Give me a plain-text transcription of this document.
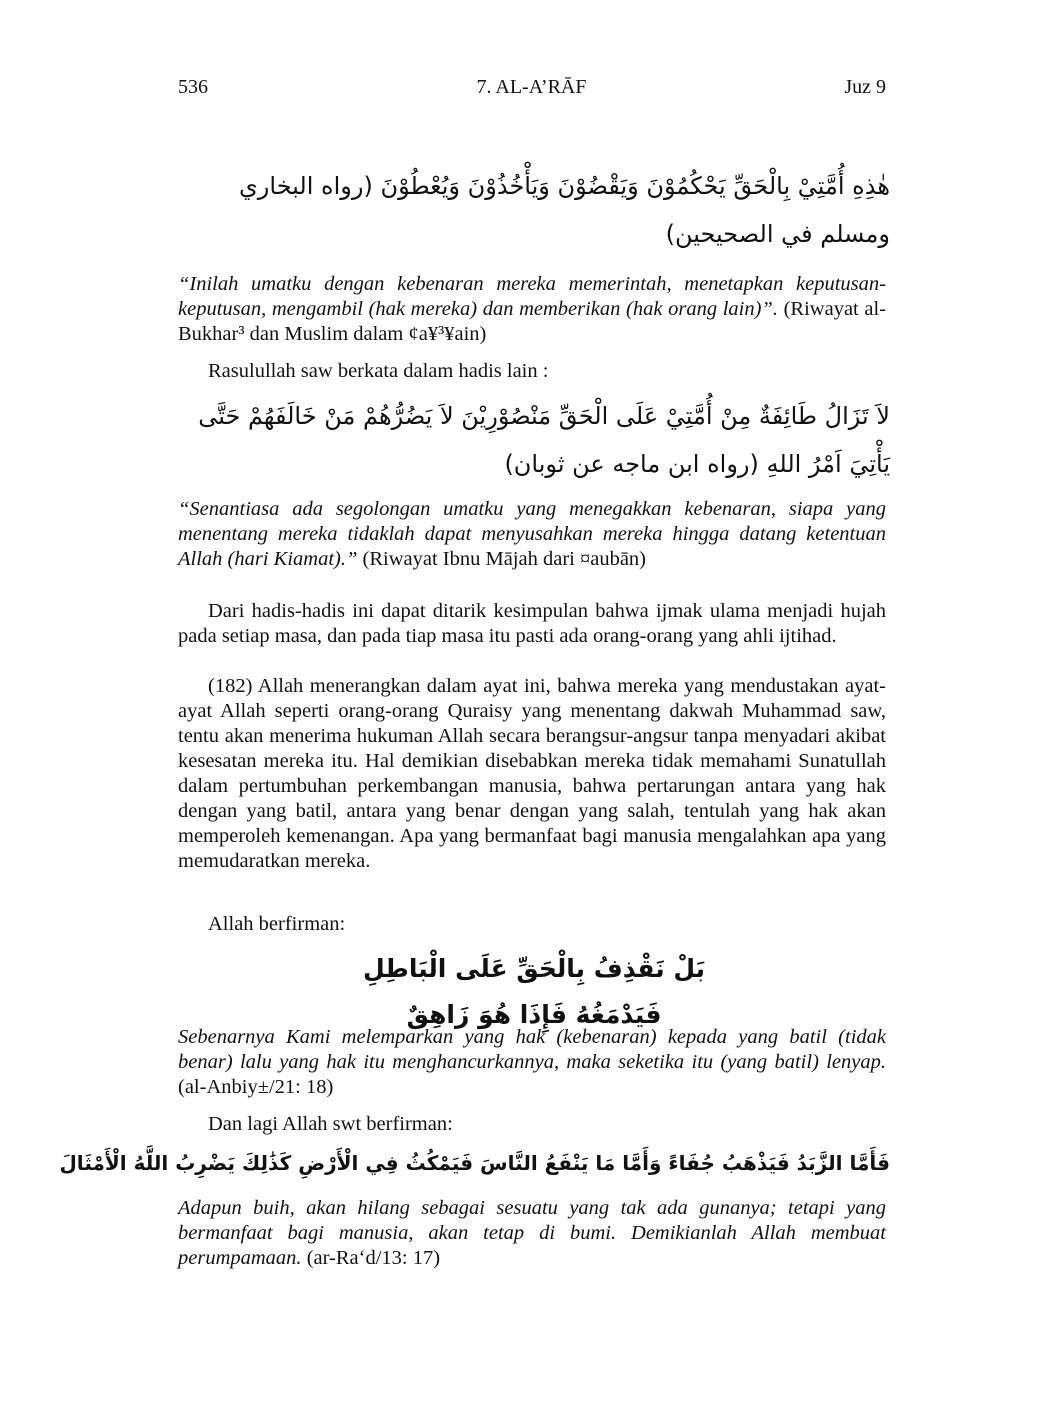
536	7. AL-A’RĀF	Juz 9
هٰذِهِ أُمَّتِيْ بِالْحَقِّ يَحْكُمُوْنَ وَيَقْضُوْنَ وَيَأْخُذُوْنَ وَيُعْطُوْنَ (رواه البخاري ومسلم في الصحيحين)
“Inilah umatku dengan kebenaran mereka memerintah, menetapkan keputusan-keputusan, mengambil (hak mereka) dan memberikan (hak orang lain)”. (Riwayat al-Bukhar³ dan Muslim dalam ¢a¥³¥ain)
Rasulullah saw berkata dalam hadis lain :
لاَ تَزَالُ طَائِفَةٌ مِنْ أُمَّتِيْ عَلَى الْحَقِّ مَنْصُوْرِيْنَ لاَ يَضُرُّهُمْ مَنْ خَالَفَهُمْ حَتَّى يَأْتِيَ اَمْرُ اللهِ (رواه ابن ماجه عن ثوبان)
“Senantiasa ada segolongan umatku yang menegakkan kebenaran, siapa yang menentang mereka tidaklah dapat menyusahkan mereka hingga datang ketentuan Allah (hari Kiamat).” (Riwayat Ibnu Mājah dari ¤aubān)
Dari hadis-hadis ini dapat ditarik kesimpulan bahwa ijmak ulama menjadi hujah pada setiap masa, dan pada tiap masa itu pasti ada orang-orang yang ahli ijtihad.
(182) Allah menerangkan dalam ayat ini, bahwa mereka yang mendustakan ayat-ayat Allah seperti orang-orang Quraisy yang menentang dakwah Muhammad saw, tentu akan menerima hukuman Allah secara berangsur-angsur tanpa menyadari akibat kesesatan mereka itu. Hal demikian disebabkan mereka tidak memahami Sunatullah dalam pertumbuhan perkembangan manusia, bahwa pertarungan antara yang hak dengan yang batil, antara yang benar dengan yang salah, tentulah yang hak akan memperoleh kemenangan. Apa yang bermanfaat bagi manusia mengalahkan apa yang memudaratkan mereka.
Allah berfirman:
بَلْ نَقْذِفُ بِالْحَقِّ عَلَى الْبَاطِلِ فَيَدْمَغُهُ فَإِذَا هُوَ زَاهِقٌ
Sebenarnya Kami melemparkan yang hak (kebenaran) kepada yang batil (tidak benar) lalu yang hak itu menghancurkannya, maka seketika itu (yang batil) lenyap. (al-Anbiy±/21: 18)
Dan lagi Allah swt berfirman:
فَأَمَّا الزَّبَدُ فَيَذْهَبُ جُفَاءً وَأَمَّا مَا يَنْفَعُ النَّاسَ فَيَمْكُثُ فِي الْأَرْضِ كَذَٰلِكَ يَضْرِبُ اللَّهُ الْأَمْثَالَ
Adapun buih, akan hilang sebagai sesuatu yang tak ada gunanya; tetapi yang bermanfaat bagi manusia, akan tetap di bumi. Demikianlah Allah membuat perumpamaan. (ar-Ra‘d/13: 17)
